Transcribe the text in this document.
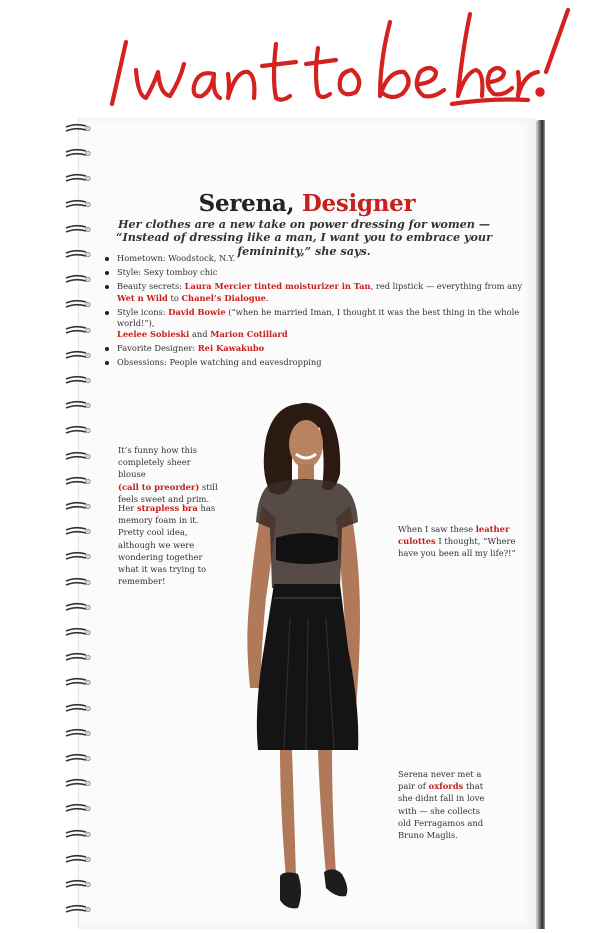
Serena, Designer
Her clothes are a new take on power dressing for women — “Instead of dressing like a man, I want you to embrace your femininity,” she says.
Hometown: Woodstock, N.Y.
Style: Sexy tomboy chic
Beauty secrets: Laura Mercier tinted moisturizer in Tan, red lipstick — everything from any Wet n Wild to Chanel’s Dialogue.
Style icons: David Bowie (“when he married Iman, I thought it was the best thing in the whole world!”),
Leelee Sobieski and Marion Cotillard
Favorite Designer: Rei Kawakubo
Obsessions: People watching and eavesdropping
It’s funny how this completely sheer blouse
(call to preorder) still feels sweet and prim.
Her strapless bra has memory foam in it. Pretty cool idea, although we were wondering together what it was trying to remember!
When I saw these leather culottes I thought, “Where have you been all my life?!”
Serena never met a pair of oxfords that she didnt fall in love with — she collects old Ferragamos and Bruno Maglis.
